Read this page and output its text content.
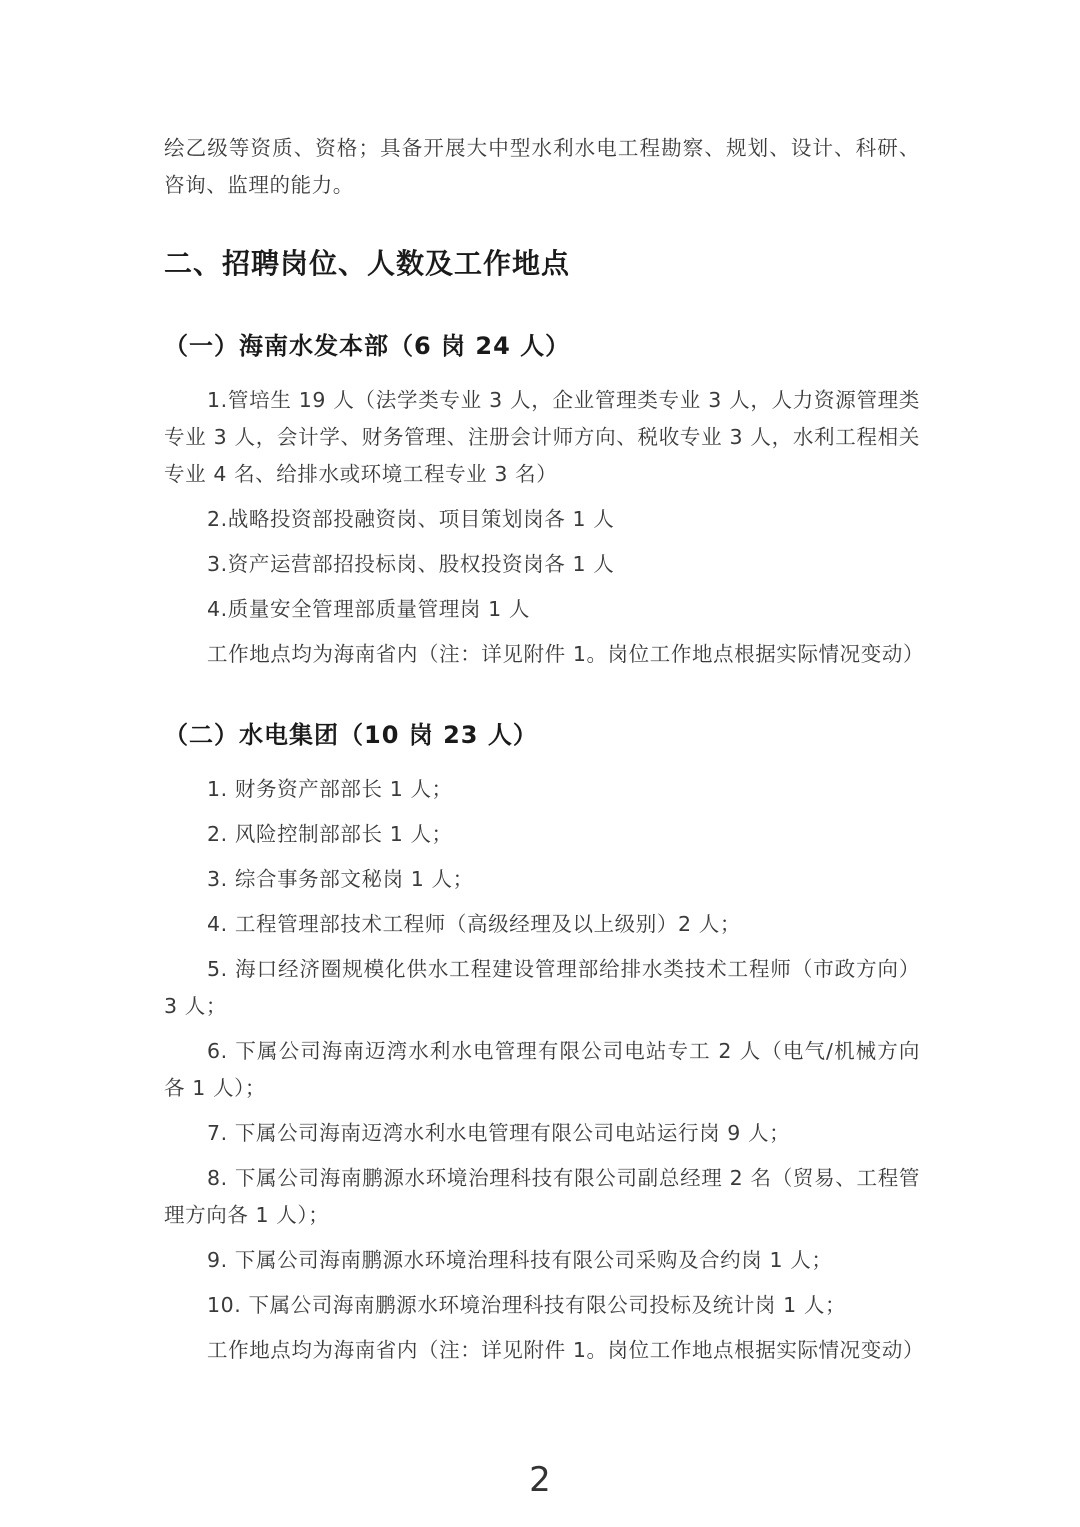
绘乙级等资质、资格；具备开展大中型水利水电工程勘察、规划、设计、科研、咨询、监理的能力。

二、招聘岗位、人数及工作地点
（一）海南水发本部（6 岗 24 人）

1.管培生 19 人（法学类专业 3 人，企业管理类专业 3 人，人力资源管理类专业 3 人，会计学、财务管理、注册会计师方向、税收专业 3 人，水利工程相关专业 4 名、给排水或环境工程专业 3 名）

2.战略投资部投融资岗、项目策划岗各 1 人

3.资产运营部招投标岗、股权投资岗各 1 人

4.质量安全管理部质量管理岗 1 人

工作地点均为海南省内（注：详见附件 1。岗位工作地点根据实际情况变动）

（二）水电集团（10 岗 23 人）

1. 财务资产部部长 1 人；

2. 风险控制部部长 1 人；

3. 综合事务部文秘岗 1 人；

4. 工程管理部技术工程师（高级经理及以上级别）2 人；

5. 海口经济圈规模化供水工程建设管理部给排水类技术工程师（市政方向）3 人；

6. 下属公司海南迈湾水利水电管理有限公司电站专工 2 人（电气/机械方向各 1 人）；

7. 下属公司海南迈湾水利水电管理有限公司电站运行岗 9 人；

8. 下属公司海南鹏源水环境治理科技有限公司副总经理 2 名（贸易、工程管理方向各 1 人）；

9. 下属公司海南鹏源水环境治理科技有限公司采购及合约岗 1 人；

10. 下属公司海南鹏源水环境治理科技有限公司投标及统计岗 1 人；

工作地点均为海南省内（注：详见附件 1。岗位工作地点根据实际情况变动）

2
